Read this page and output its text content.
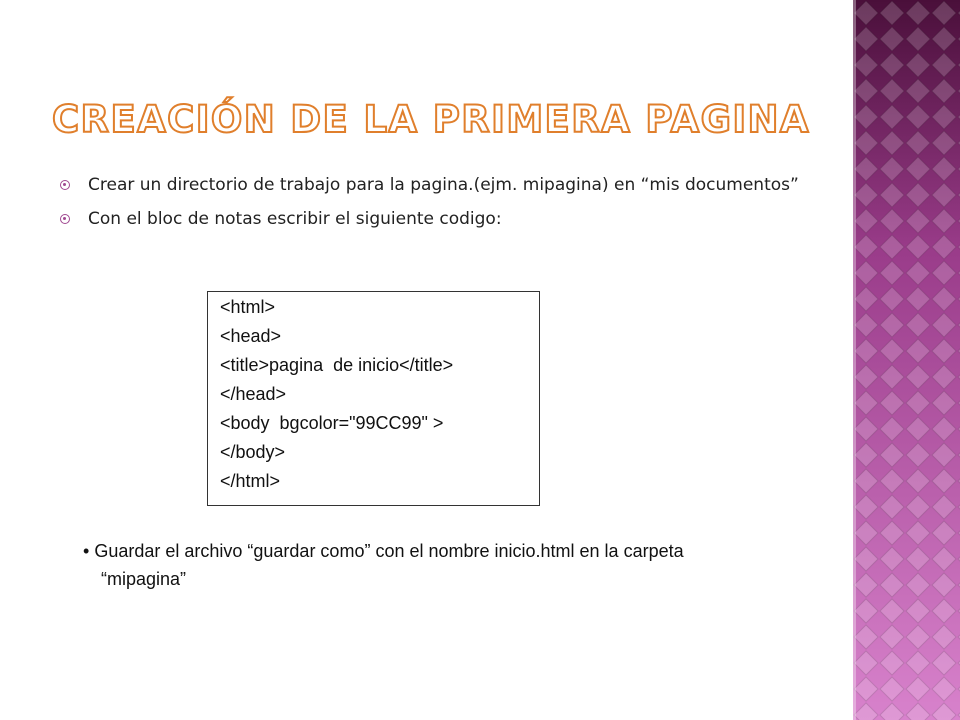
CREACIÓN DE LA PRIMERA PAGINA
Crear un directorio de trabajo para la pagina.(ejm. mipagina) en “mis documentos”
Con el bloc de notas escribir el siguiente codigo:
<html>
<head>
<title>pagina  de inicio</title>
</head>
<body  bgcolor="99CC99" >
</body>
</html>
• Guardar el archivo “guardar como” con el nombre inicio.html en la carpeta
“mipagina”
